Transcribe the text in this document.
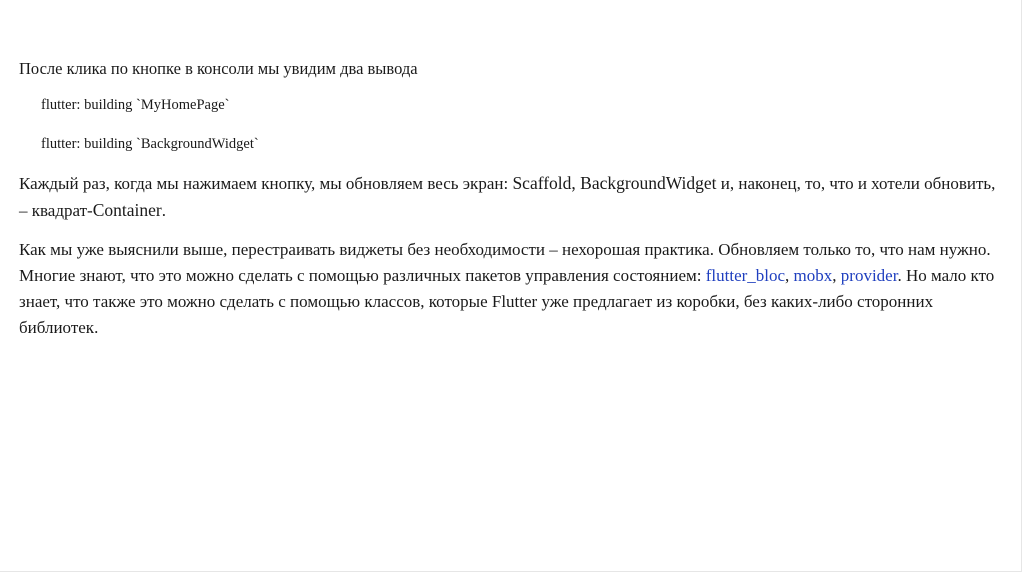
После клика по кнопке в консоли мы увидим два вывода

flutter: building `MyHomePage`

flutter: building `BackgroundWidget`

Каждый раз, когда мы нажимаем кнопку, мы обновляем весь экран: Scaffold, BackgroundWidget и, наконец, то, что и хотели обновить, – квадрат-Container.

Как мы уже выяснили выше, перестраивать виджеты без необходимости – нехорошая практика. Обновляем только то, что нам нужно. Многие знают, что это можно сделать с помощью различных пакетов управления состоянием: flutter_bloc, mobx, provider. Но мало кто знает, что также это можно сделать с помощью классов, которые Flutter уже предлагает из коробки, без каких-либо сторонних библиотек.
